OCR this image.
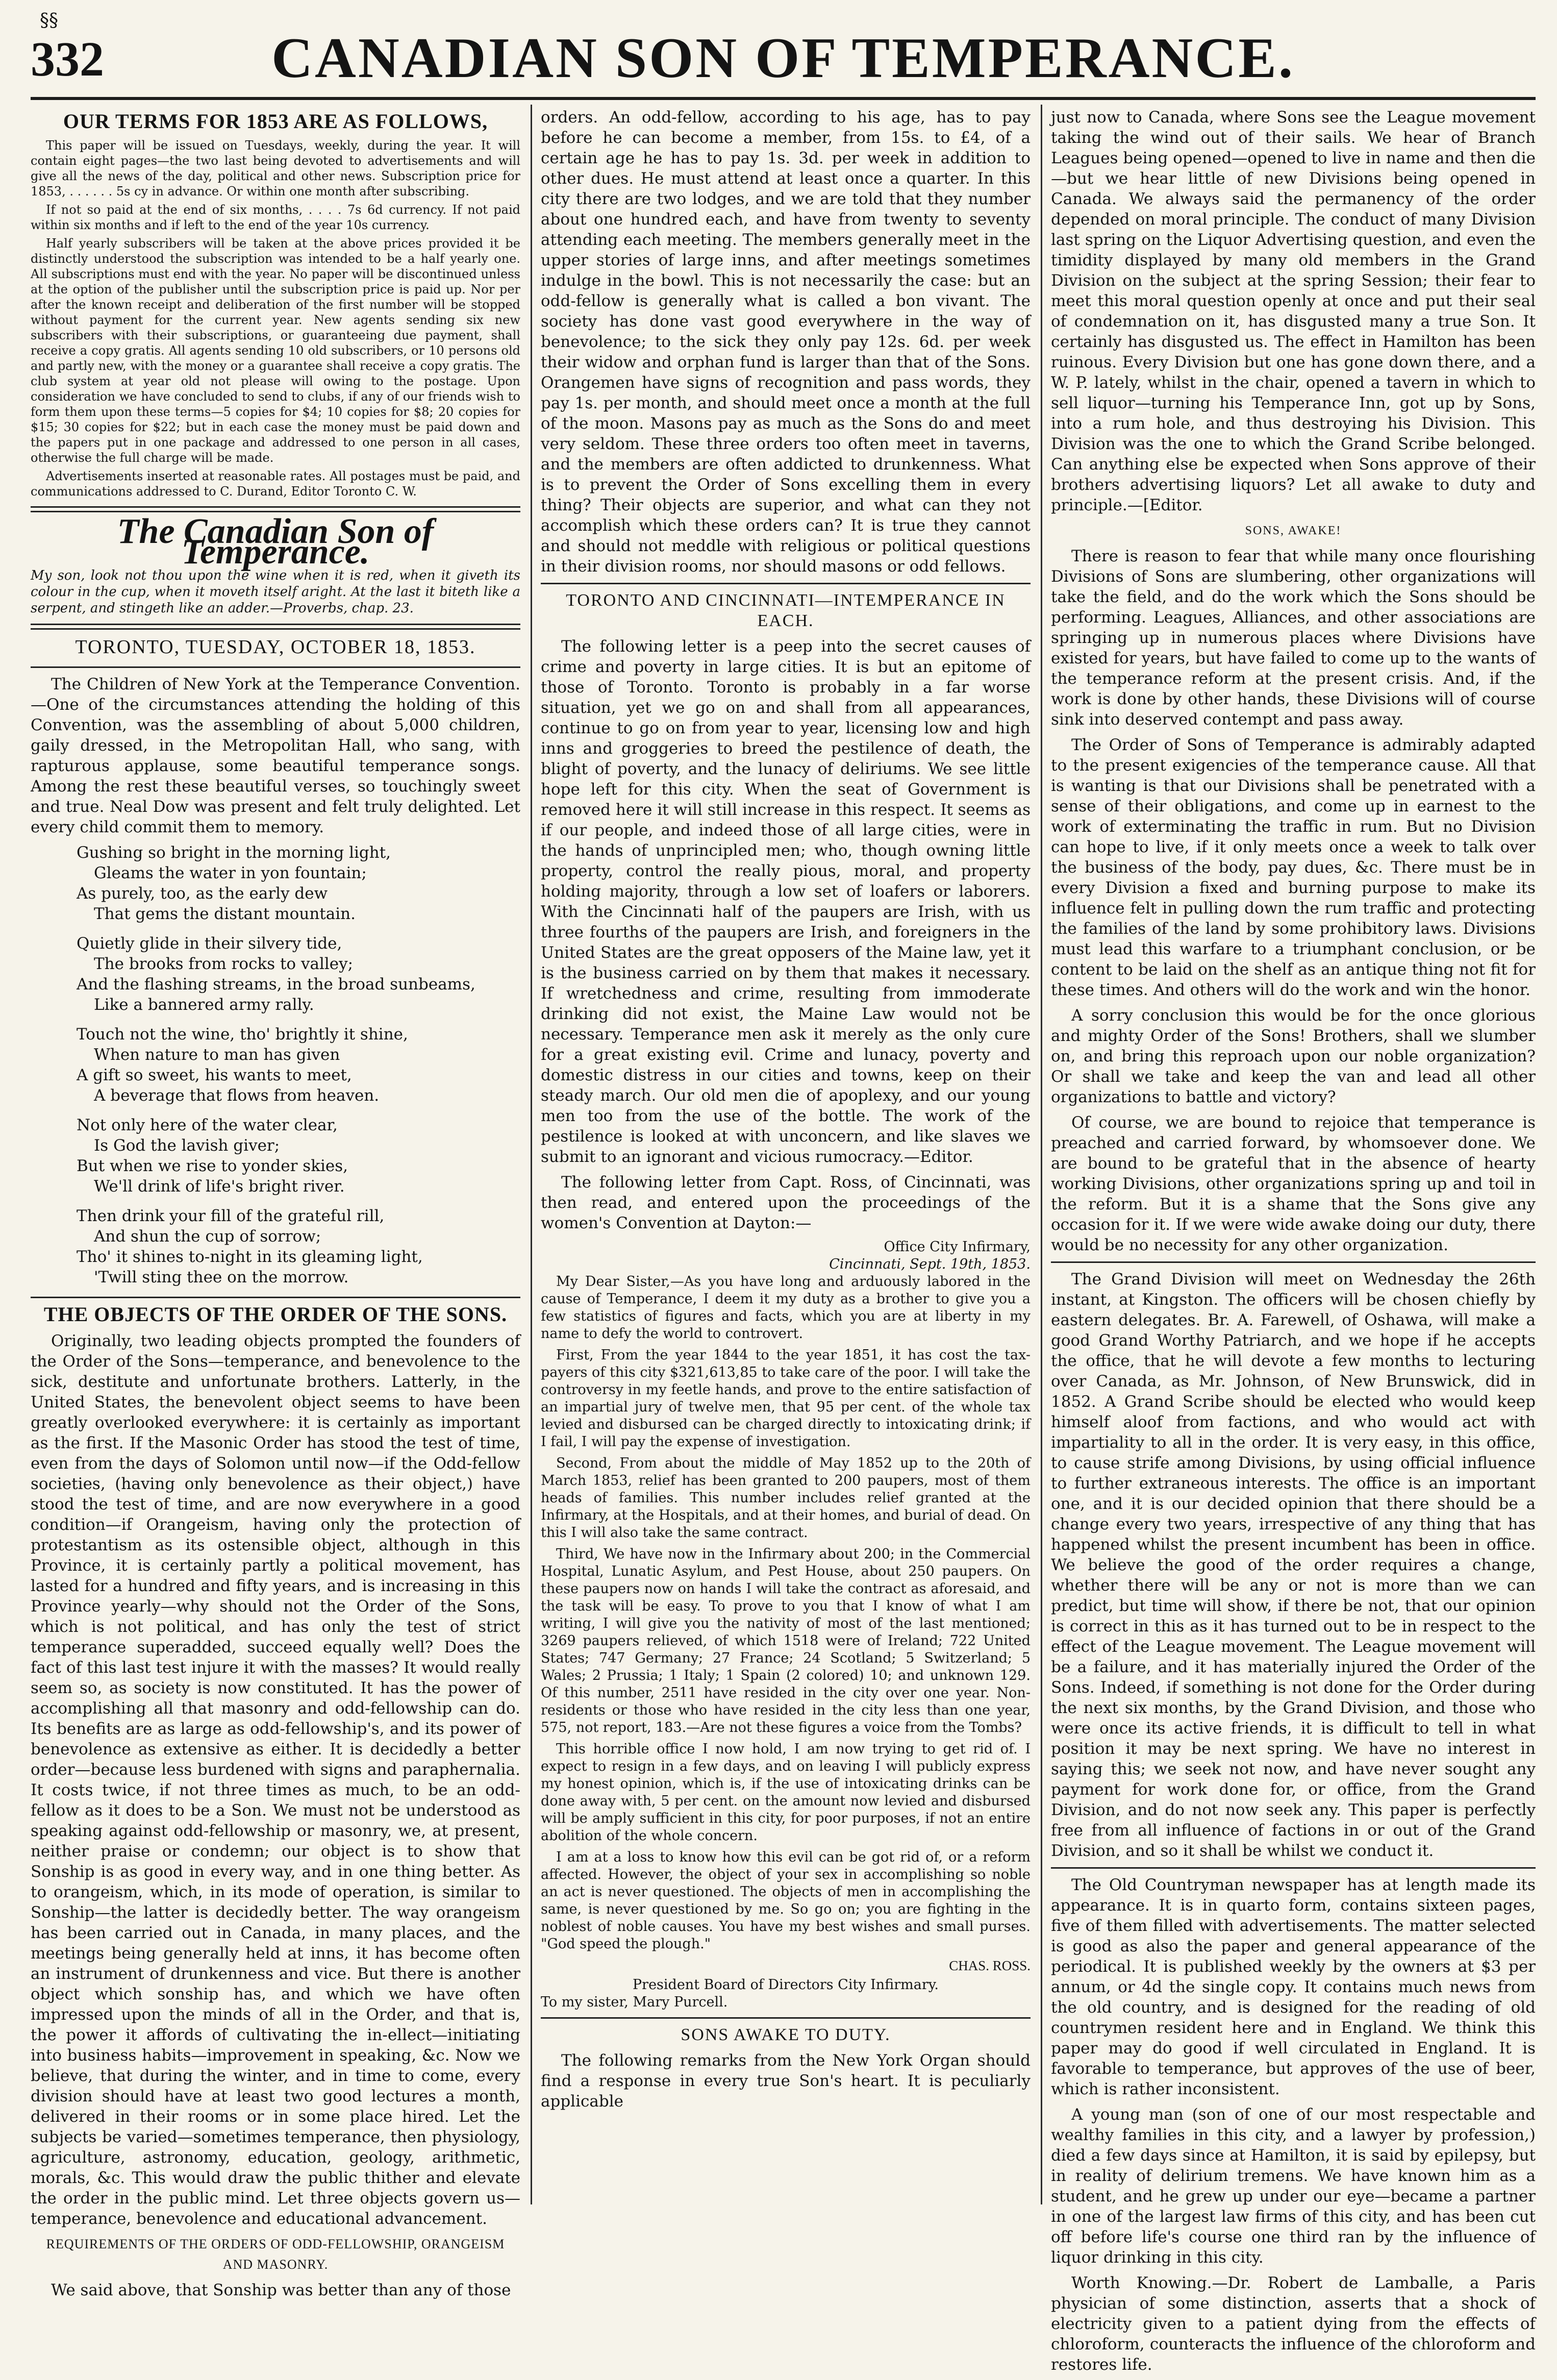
§§
332	CANADIAN SON OF TEMPERANCE.
OUR TERMS FOR 1853 ARE AS FOLLOWS,

This paper will be issued on Tuesdays, weekly, during the year. It will contain eight pages—the two last being devoted to advertisements and will give all the news of the day, political and other news. Subscription price for 1853, . . . . . . 5s cy in advance. Or within one month after subscribing.

If not so paid at the end of six months, . . . . 7s 6d currency. If not paid within six months and if left to the end of the year 10s currency.

Half yearly subscribers will be taken at the above prices provided it be distinctly understood the subscription was intended to be a half yearly one. All subscriptions must end with the year. No paper will be discontinued unless at the option of the publisher until the subscription price is paid up. Nor per after the known receipt and deliberation of the first number will be stopped without payment for the current year. New agents sending six new subscribers with their subscriptions, or guaranteeing due payment, shall receive a copy gratis. All agents sending 10 old subscribers, or 10 persons old and partly new, with the money or a guarantee shall receive a copy gratis. The club system at year old not please will owing to the postage. Upon consideration we have concluded to send to clubs, if any of our friends wish to form them upon these terms—5 copies for $4; 10 copies for $8; 20 copies for $15; 30 copies for $22; but in each case the money must be paid down and the papers put in one package and addressed to one person in all cases, otherwise the full charge will be made.

Advertisements inserted at reasonable rates. All postages must be paid, and communications addressed to C. Durand, Editor Toronto C. W.

The Canadian Son of Temperance.
My son, look not thou upon the wine when it is red, when it giveth its colour in the cup, when it moveth itself aright. At the last it biteth like a serpent, and stingeth like an adder.—Proverbs, chap. 23.
TORONTO, TUESDAY, OCTOBER 18, 1853.

The Children of New York at the Temperance Convention.—One of the circumstances attending the holding of this Convention, was the assembling of about 5,000 children, gaily dressed, in the Metropolitan Hall, who sang, with rapturous applause, some beautiful temperance songs. Among the rest these beautiful verses, so touchingly sweet and true. Neal Dow was present and felt truly delighted. Let every child commit them to memory.

Gushing so bright in the morning light,
Gleams the water in yon fountain;
As purely, too, as the early dew
That gems the distant mountain.
Quietly glide in their silvery tide,
The brooks from rocks to valley;
And the flashing streams, in the broad sunbeams,
Like a bannered army rally.
Touch not the wine, tho' brightly it shine,
When nature to man has given
A gift so sweet, his wants to meet,
A beverage that flows from heaven.
Not only here of the water clear,
Is God the lavish giver;
But when we rise to yonder skies,
We'll drink of life's bright river.
Then drink your fill of the grateful rill,
And shun the cup of sorrow;
Tho' it shines to-night in its gleaming light,
'Twill sting thee on the morrow.
THE OBJECTS OF THE ORDER OF THE SONS.

Originally, two leading objects prompted the founders of the Order of the Sons—temperance, and benevolence to the sick, destitute and unfortunate brothers. Latterly, in the United States, the benevolent object seems to have been greatly overlooked everywhere: it is certainly as important as the first. If the Masonic Order has stood the test of time, even from the days of Solomon until now—if the Odd-fellow societies, (having only benevolence as their object,) have stood the test of time, and are now everywhere in a good condition—if Orangeism, having only the protection of protestantism as its ostensible object, although in this Province, it is certainly partly a political movement, has lasted for a hundred and fifty years, and is increasing in this Province yearly—why should not the Order of the Sons, which is not political, and has only the test of strict temperance superadded, succeed equally well? Does the fact of this last test injure it with the masses? It would really seem so, as society is now constituted. It has the power of accomplishing all that masonry and odd-fellowship can do. Its benefits are as large as odd-fellowship's, and its power of benevolence as extensive as either. It is decidedly a better order—because less burdened with signs and paraphernalia. It costs twice, if not three times as much, to be an odd-fellow as it does to be a Son. We must not be understood as speaking against odd-fellowship or masonry, we, at present, neither praise or condemn; our object is to show that Sonship is as good in every way, and in one thing better. As to orangeism, which, in its mode of operation, is similar to Sonship—the latter is decidedly better. The way orangeism has been carried out in Canada, in many places, and the meetings being generally held at inns, it has become often an instrument of drunkenness and vice. But there is another object which sonship has, and which we have often impressed upon the minds of all in the Order, and that is, the power it affords of cultivating the in-ellect—initiating into business habits—improvement in speaking, &c. Now we believe, that during the winter, and in time to come, every division should have at least two good lectures a month, delivered in their rooms or in some place hired. Let the subjects be varied—sometimes temperance, then physiology, agriculture, astronomy, education, geology, arithmetic, morals, &c. This would draw the public thither and elevate the order in the public mind. Let three objects govern us—temperance, benevolence and educational advancement.

REQUIREMENTS OF THE ORDERS OF ODD-FELLOWSHIP, ORANGEISM AND MASONRY.

We said above, that Sonship was better than any of those

orders. An odd-fellow, according to his age, has to pay before he can become a member, from 15s. to £4, of a certain age he has to pay 1s. 3d. per week in addition to other dues. He must attend at least once a quarter. In this city there are two lodges, and we are told that they number about one hundred each, and have from twenty to seventy attending each meeting. The members generally meet in the upper stories of large inns, and after meetings sometimes indulge in the bowl. This is not necessarily the case: but an odd-fellow is generally what is called a bon vivant. The society has done vast good everywhere in the way of benevolence; to the sick they only pay 12s. 6d. per week their widow and orphan fund is larger than that of the Sons. Orangemen have signs of recognition and pass words, they pay 1s. per month, and should meet once a month at the full of the moon. Masons pay as much as the Sons do and meet very seldom. These three orders too often meet in taverns, and the members are often addicted to drunkenness. What is to prevent the Order of Sons excelling them in every thing? Their objects are superior, and what can they not accomplish which these orders can? It is true they cannot and should not meddle with religious or political questions in their division rooms, nor should masons or odd fellows.

TORONTO AND CINCINNATI—INTEMPERANCE IN EACH.

The following letter is a peep into the secret causes of crime and poverty in large cities. It is but an epitome of those of Toronto. Toronto is probably in a far worse situation, yet we go on and shall from all appearances, continue to go on from year to year, licensing low and high inns and groggeries to breed the pestilence of death, the blight of poverty, and the lunacy of deliriums. We see little hope left for this city. When the seat of Government is removed here it will still increase in this respect. It seems as if our people, and indeed those of all large cities, were in the hands of unprincipled men; who, though owning little property, control the really pious, moral, and property holding majority, through a low set of loafers or laborers. With the Cincinnati half of the paupers are Irish, with us three fourths of the paupers are Irish, and foreigners in the United States are the great opposers of the Maine law, yet it is the business carried on by them that makes it necessary. If wretchedness and crime, resulting from immoderate drinking did not exist, the Maine Law would not be necessary. Temperance men ask it merely as the only cure for a great existing evil. Crime and lunacy, poverty and domestic distress in our cities and towns, keep on their steady march. Our old men die of apoplexy, and our young men too from the use of the bottle. The work of the pestilence is looked at with unconcern, and like slaves we submit to an ignorant and vicious rumocracy.—Editor.

The following letter from Capt. Ross, of Cincinnati, was then read, and entered upon the proceedings of the women's Convention at Dayton:—

Office City Infirmary,
Cincinnati, Sept. 19th, 1853.

My Dear Sister,—As you have long and arduously labored in the cause of Temperance, I deem it my duty as a brother to give you a few statistics of figures and facts, which you are at liberty in my name to defy the world to controvert.

First, From the year 1844 to the year 1851, it has cost the tax-payers of this city $321,613,85 to take care of the poor. I will take the controversy in my feetle hands, and prove to the entire satisfaction of an impartial jury of twelve men, that 95 per cent. of the whole tax levied and disbursed can be charged directly to intoxicating drink; if I fail, I will pay the expense of investigation.

Second, From about the middle of May 1852 up to the 20th of March 1853, relief has been granted to 200 paupers, most of them heads of families. This number includes relief granted at the Infirmary, at the Hospitals, and at their homes, and burial of dead. On this I will also take the same contract.

Third, We have now in the Infirmary about 200; in the Commercial Hospital, Lunatic Asylum, and Pest House, about 250 paupers. On these paupers now on hands I will take the contract as aforesaid, and the task will be easy. To prove to you that I know of what I am writing, I will give you the nativity of most of the last mentioned; 3269 paupers relieved, of which 1518 were of Ireland; 722 United States; 747 Germany; 27 France; 24 Scotland; 5 Switzerland; 5 Wales; 2 Prussia; 1 Italy; 1 Spain (2 colored) 10; and unknown 129. Of this number, 2511 have resided in the city over one year. Non-residents or those who have resided in the city less than one year, 575, not report, 183.—Are not these figures a voice from the Tombs?

This horrible office I now hold, I am now trying to get rid of. I expect to resign in a few days, and on leaving I will publicly express my honest opinion, which is, if the use of intoxicating drinks can be done away with, 5 per cent. on the amount now levied and disbursed will be amply sufficient in this city, for poor purposes, if not an entire abolition of the whole concern.

I am at a loss to know how this evil can be got rid of, or a reform affected. However, the object of your sex in accomplishing so noble an act is never questioned. The objects of men in accomplishing the same, is never questioned by me. So go on; you are fighting in the noblest of noble causes. You have my best wishes and small purses. "God speed the plough."

CHAS. ROSS.
President Board of Directors City Infirmary.
To my sister, Mary Purcell.
SONS AWAKE TO DUTY.

The following remarks from the New York Organ should find a response in every true Son's heart. It is peculiarly applicable

just now to Canada, where Sons see the League movement taking the wind out of their sails. We hear of Branch Leagues being opened—opened to live in name and then die—but we hear little of new Divisions being opened in Canada. We always said the permanency of the order depended on moral principle. The conduct of many Division last spring on the Liquor Advertising question, and even the timidity displayed by many old members in the Grand Division on the subject at the spring Session; their fear to meet this moral question openly at once and put their seal of condemnation on it, has disgusted many a true Son. It certainly has disgusted us. The effect in Hamilton has been ruinous. Every Division but one has gone down there, and a W. P. lately, whilst in the chair, opened a tavern in which to sell liquor—turning his Temperance Inn, got up by Sons, into a rum hole, and thus destroying his Division. This Division was the one to which the Grand Scribe belonged. Can anything else be expected when Sons approve of their brothers advertising liquors? Let all awake to duty and principle.—[Editor.

SONS, AWAKE!

There is reason to fear that while many once flourishing Divisions of Sons are slumbering, other organizations will take the field, and do the work which the Sons should be performing. Leagues, Alliances, and other associations are springing up in numerous places where Divisions have existed for years, but have failed to come up to the wants of the temperance reform at the present crisis. And, if the work is done by other hands, these Divisions will of course sink into deserved contempt and pass away.

The Order of Sons of Temperance is admirably adapted to the present exigencies of the temperance cause. All that is wanting is that our Divisions shall be penetrated with a sense of their obligations, and come up in earnest to the work of exterminating the traffic in rum. But no Division can hope to live, if it only meets once a week to talk over the business of the body, pay dues, &c. There must be in every Division a fixed and burning purpose to make its influence felt in pulling down the rum traffic and protecting the families of the land by some prohibitory laws. Divisions must lead this warfare to a triumphant conclusion, or be content to be laid on the shelf as an antique thing not fit for these times. And others will do the work and win the honor.

A sorry conclusion this would be for the once glorious and mighty Order of the Sons! Brothers, shall we slumber on, and bring this reproach upon our noble organization? Or shall we take and keep the van and lead all other organizations to battle and victory?

Of course, we are bound to rejoice that temperance is preached and carried forward, by whomsoever done. We are bound to be grateful that in the absence of hearty working Divisions, other organizations spring up and toil in the reform. But it is a shame that the Sons give any occasion for it. If we were wide awake doing our duty, there would be no necessity for any other organization.

The Grand Division will meet on Wednesday the 26th instant, at Kingston. The officers will be chosen chiefly by eastern delegates. Br. A. Farewell, of Oshawa, will make a good Grand Worthy Patriarch, and we hope if he accepts the office, that he will devote a few months to lecturing over Canada, as Mr. Johnson, of New Brunswick, did in 1852. A Grand Scribe should be elected who would keep himself aloof from factions, and who would act with impartiality to all in the order. It is very easy, in this office, to cause strife among Divisions, by using official influence to further extraneous interests. The office is an important one, and it is our decided opinion that there should be a change every two years, irrespective of any thing that has happened whilst the present incumbent has been in office. We believe the good of the order requires a change, whether there will be any or not is more than we can predict, but time will show, if there be not, that our opinion is correct in this as it has turned out to be in respect to the effect of the League movement. The League movement will be a failure, and it has materially injured the Order of the Sons. Indeed, if something is not done for the Order during the next six months, by the Grand Division, and those who were once its active friends, it is difficult to tell in what position it may be next spring. We have no interest in saying this; we seek not now, and have never sought any payment for work done for, or office, from the Grand Division, and do not now seek any. This paper is perfectly free from all influence of factions in or out of the Grand Division, and so it shall be whilst we conduct it.

The Old Countryman newspaper has at length made its appearance. It is in quarto form, contains sixteen pages, five of them filled with advertisements. The matter selected is good as also the paper and general appearance of the periodical. It is published weekly by the owners at $3 per annum, or 4d the single copy. It contains much news from the old country, and is designed for the reading of old countrymen resident here and in England. We think this paper may do good if well circulated in England. It is favorable to temperance, but approves of the use of beer, which is rather inconsistent.

A young man (son of one of our most respectable and wealthy families in this city, and a lawyer by profession,) died a few days since at Hamilton, it is said by epilepsy, but in reality of delirium tremens. We have known him as a student, and he grew up under our eye—became a partner in one of the largest law firms of this city, and has been cut off before life's course one third ran by the influence of liquor drinking in this city.

Worth Knowing.—Dr. Robert de Lamballe, a Paris physician of some distinction, asserts that a shock of electricity given to a patient dying from the effects of chloroform, counteracts the influence of the chloroform and restores life.
